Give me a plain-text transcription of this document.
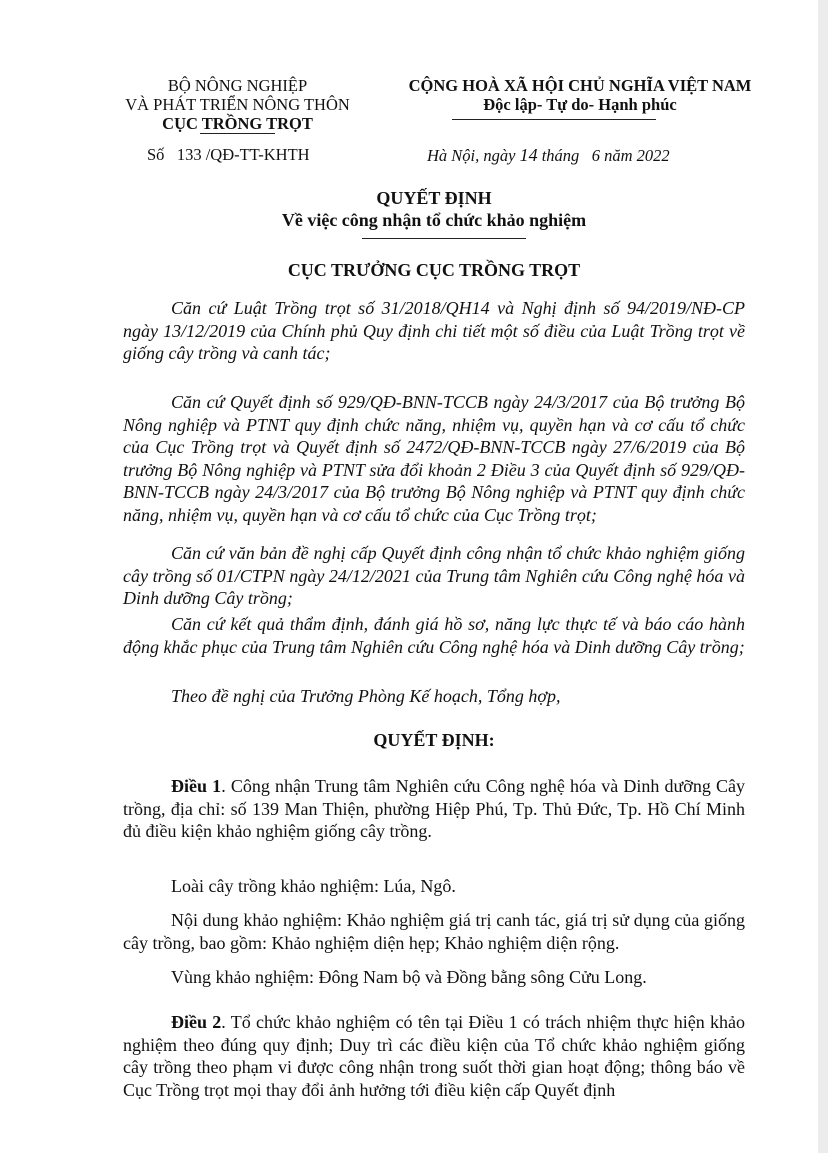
BỘ NÔNG NGHIỆP
VÀ PHÁT TRIỂN NÔNG THÔN
CỤC TRỒNG TRỌT
CỘNG HOÀ XÃ HỘI CHỦ NGHĨA VIỆT NAM
Độc lập- Tự do- Hạnh phúc
Số 133 /QĐ-TT-KHTH	Hà Nội, ngày 14 tháng 6 năm 2022
QUYẾT ĐỊNH
Về việc công nhận tổ chức khảo nghiệm
CỤC TRƯỞNG CỤC TRỒNG TRỌT
Căn cứ Luật Trồng trọt số 31/2018/QH14 và Nghị định số 94/2019/NĐ-CP ngày 13/12/2019 của Chính phủ Quy định chi tiết một số điều của Luật Trồng trọt về giống cây trồng và canh tác;
Căn cứ Quyết định số 929/QĐ-BNN-TCCB ngày 24/3/2017 của Bộ trưởng Bộ Nông nghiệp và PTNT quy định chức năng, nhiệm vụ, quyền hạn và cơ cấu tổ chức của Cục Trồng trọt và Quyết định số 2472/QĐ-BNN-TCCB ngày 27/6/2019 của Bộ trưởng Bộ Nông nghiệp và PTNT sửa đổi khoản 2 Điều 3 của Quyết định số 929/QĐ-BNN-TCCB ngày 24/3/2017 của Bộ trưởng Bộ Nông nghiệp và PTNT quy định chức năng, nhiệm vụ, quyền hạn và cơ cấu tổ chức của Cục Trồng trọt;
Căn cứ văn bản đề nghị cấp Quyết định công nhận tổ chức khảo nghiệm giống cây trồng số 01/CTPN ngày 24/12/2021 của Trung tâm Nghiên cứu Công nghệ hóa và Dinh dưỡng Cây trồng;
Căn cứ kết quả thẩm định, đánh giá hồ sơ, năng lực thực tế và báo cáo hành động khắc phục của Trung tâm Nghiên cứu Công nghệ hóa và Dinh dưỡng Cây trồng;
Theo đề nghị của Trưởng Phòng Kế hoạch, Tổng hợp,
QUYẾT ĐỊNH:
Điều 1. Công nhận Trung tâm Nghiên cứu Công nghệ hóa và Dinh dưỡng Cây trồng, địa chỉ: số 139 Man Thiện, phường Hiệp Phú, Tp. Thủ Đức, Tp. Hồ Chí Minh đủ điều kiện khảo nghiệm giống cây trồng.
Loài cây trồng khảo nghiệm: Lúa, Ngô.
Nội dung khảo nghiệm: Khảo nghiệm giá trị canh tác, giá trị sử dụng của giống cây trồng, bao gồm: Khảo nghiệm diện hẹp; Khảo nghiệm diện rộng.
Vùng khảo nghiệm: Đông Nam bộ và Đồng bằng sông Cửu Long.
Điều 2. Tổ chức khảo nghiệm có tên tại Điều 1 có trách nhiệm thực hiện khảo nghiệm theo đúng quy định; Duy trì các điều kiện của Tổ chức khảo nghiệm giống cây trồng theo phạm vi được công nhận trong suốt thời gian hoạt động; thông báo về Cục Trồng trọt mọi thay đổi ảnh hưởng tới điều kiện cấp Quyết định
